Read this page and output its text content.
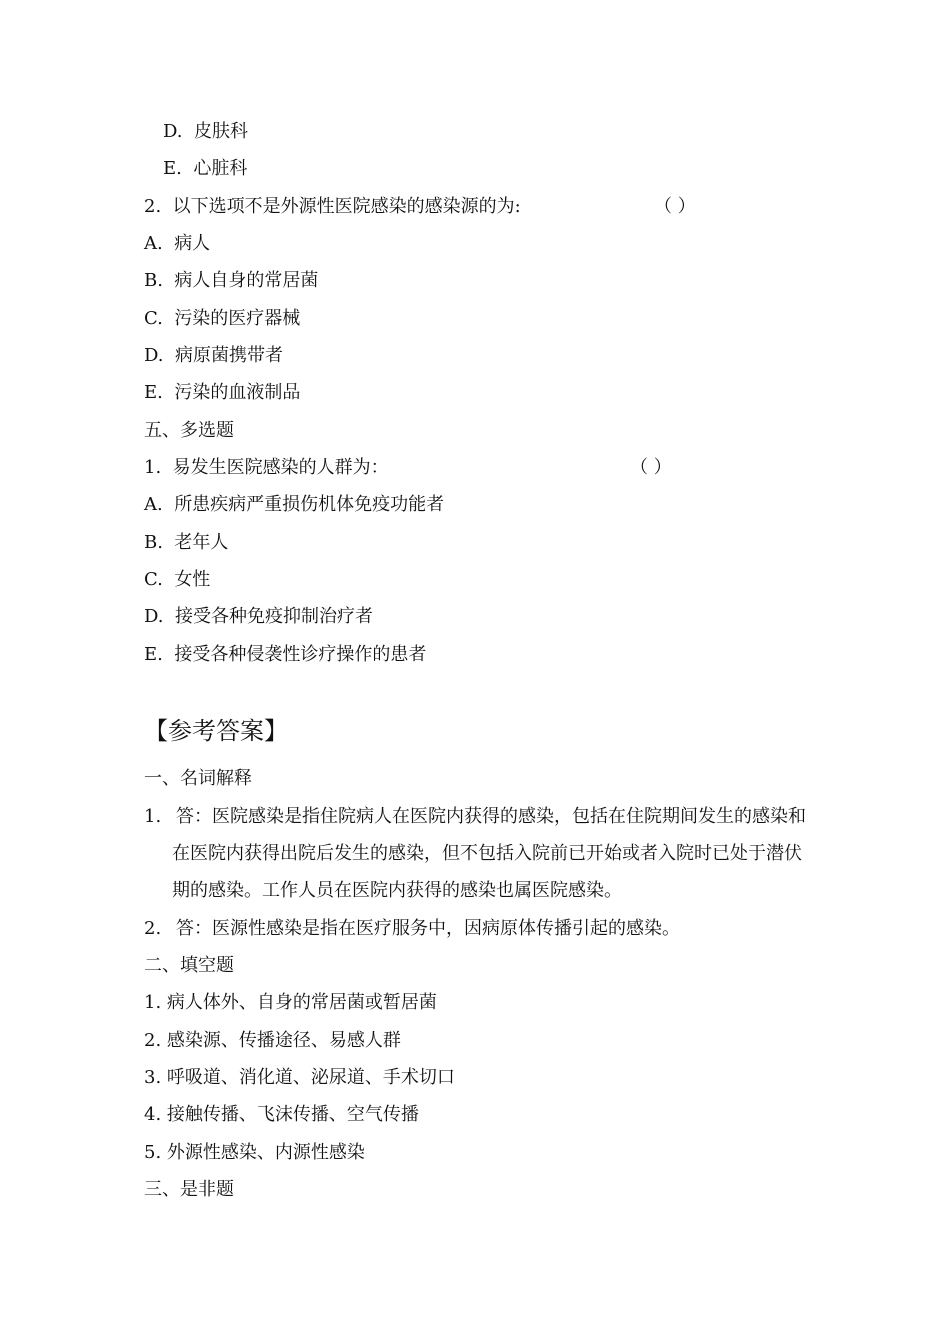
D. 皮肤科
E. 心脏科
2. 以下选项不是外源性医院感染的感染源的为:	（ ）
A. 病人
B. 病人自身的常居菌
C. 污染的医疗器械
D. 病原菌携带者
E. 污染的血液制品
五、多选题
1. 易发生医院感染的人群为：	（ ）
A. 所患疾病严重损伤机体免疫功能者
B. 老年人
C. 女性
D. 接受各种免疫抑制治疗者
E. 接受各种侵袭性诊疗操作的患者
【参考答案】
一、名词解释
1. 答：医院感染是指住院病人在医院内获得的感染，包括在住院期间发生的感染和在医院内获得出院后发生的感染，但不包括入院前已开始或者入院时已处于潜伏期的感染。工作人员在医院内获得的感染也属医院感染。
2. 答：医源性感染是指在医疗服务中，因病原体传播引起的感染。
二、填空题
1. 病人体外、自身的常居菌或暂居菌
2. 感染源、传播途径、易感人群
3. 呼吸道、消化道、泌尿道、手术切口
4. 接触传播、飞沫传播、空气传播
5. 外源性感染、内源性感染
三、是非题
